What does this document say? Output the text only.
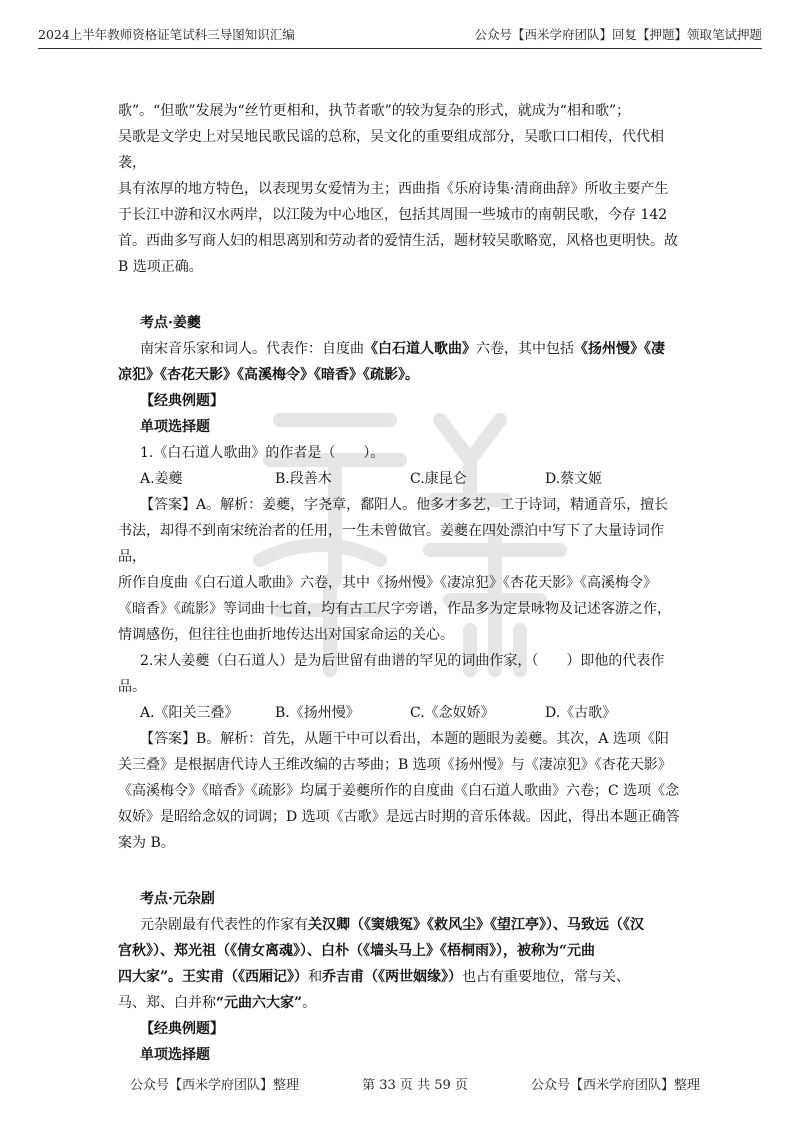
2024上半年教师资格证笔试科三导图知识汇编	公众号【西米学府团队】回复【押题】领取笔试押题

歌”。“但歌”发展为“丝竹更相和，执节者歌”的较为复杂的形式，就成为“相和歌”；

吴歌是文学史上对吴地民歌民谣的总称，吴文化的重要组成部分，吴歌口口相传，代代相袭，

具有浓厚的地方特色，以表现男女爱情为主；西曲指《乐府诗集·清商曲辞》所收主要产生

于长江中游和汉水两岸，以江陵为中心地区，包括其周围一些城市的南朝民歌，今存 142

首。西曲多写商人妇的相思离别和劳动者的爱情生活，题材较吴歌略宽，风格也更明快。故

B 选项正确。

考点·姜夔

南宋音乐家和词人。代表作：自度曲《白石道人歌曲》六卷，其中包括《扬州慢》《凄

凉犯》《杏花天影》《高溪梅令》《暗香》《疏影》。

【经典例题】

单项选择题

1.《白石道人歌曲》的作者是（　　）。

A.姜夔	B.段善木	C.康昆仑	D.蔡文姬

【答案】A。解析：姜夔，字尧章，鄱阳人。他多才多艺，工于诗词，精通音乐，擅长

书法，却得不到南宋统治者的任用，一生未曾做官。姜夔在四处漂泊中写下了大量诗词作品，

所作自度曲《白石道人歌曲》六卷，其中《扬州慢》《凄凉犯》《杏花天影》《高溪梅令》

《暗香》《疏影》等词曲十七首，均有古工尺字旁谱，作品多为定景咏物及记述客游之作，

情调感伤，但往往也曲折地传达出对国家命运的关心。

2.宋人姜夔（白石道人）是为后世留有曲谱的罕见的词曲作家，（　　）即他的代表作

品。

A.《阳关三叠》	B.《扬州慢》	C.《念奴娇》	D.《古歌》

【答案】B。解析：首先，从题干中可以看出，本题的题眼为姜夔。其次，A 选项《阳

关三叠》是根据唐代诗人王维改编的古琴曲；B 选项《扬州慢》与《凄凉犯》《杏花天影》

《高溪梅令》《暗香》《疏影》均属于姜夔所作的自度曲《白石道人歌曲》六卷；C 选项《念

奴娇》是昭给念奴的词调；D 选项《古歌》是远古时期的音乐体裁。因此，得出本题正确答

案为 B。

考点·元杂剧

元杂剧最有代表性的作家有关汉卿（《窦娥冤》《救风尘》《望江亭》）、马致远（《汉

宫秋》）、郑光祖（《倩女离魂》）、白朴（《墙头马上》《梧桐雨》），被称为“元曲

四大家”。王实甫（《西厢记》）和乔吉甫（《两世姻缘》）也占有重要地位，常与关、

马、郑、白并称“元曲六大家”。

【经典例题】

单项选择题

公众号【西米学府团队】整理	第 33 页 共 59 页	公众号【西米学府团队】整理
